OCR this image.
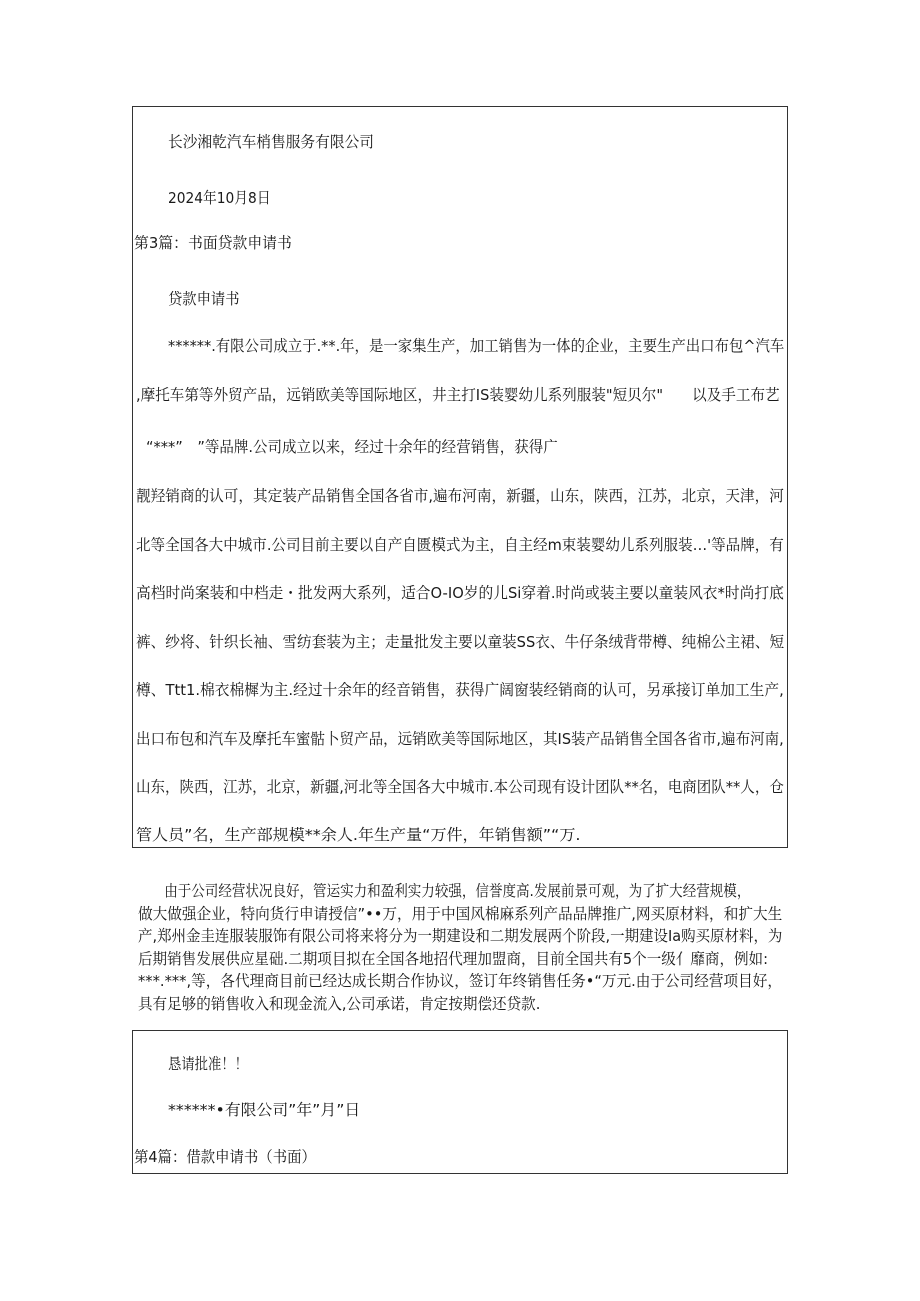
长沙湘乾汽车梢售服务有限公司
2024年10月8日
第3篇：书面贷款申请书
贷款申请书
******.有限公司成立于.**.年，是一家集生产，加工销售为一体的企业，主要生产出口布包^汽车
,摩托车第等外贸产品，远销欧美等国际地区，井主打IS装婴幼儿系列服装"短贝尔"　　以及手工布艺
“***”　”等品牌.公司成立以来，经过十余年的经营销售，获得广
靓羟销商的认可，其定装产品销售全国各省市,遍布河南，新疆，山东，陕西，江苏，北京，天津，河
北等全国各大中城市.公司目前主要以自产自匮模式为主，自主经m束装婴幼儿系列服装…'等品牌，有
高档时尚案装和中档走・批发两大系列，适合O-IO岁的儿Si穿着.时尚或装主要以童装风衣*时尚打底
裤、纱将、针织长袖、雪纺套装为主；走量批发主要以童装SS衣、牛仔条绒背带樽、纯棉公主裙、短
樽、Ttt1.棉衣棉樨为主.经过十余年的经音销售，获得广阔窗装经销商的认可，另承接订单加工生产,
出口布包和汽车及摩托车蜜骷卜贸产品，远销欧美等国际地区，其IS装产品销售全国各省市,遍布河南,
山东，陕西，江苏，北京，新疆,河北等全国各大中城市.本公司现有设计团队**名，电商团队**人，仓
管人员”名，生产部规模**余人.年生产量“万件，年销售额”“万.
由于公司经营状况良好，管运实力和盈利实力较强，信誉度高.发展前景可观，为了扩大经营规模，
做大做强企业，特向货行申请授信”••万，用于中国风棉麻系列产品品牌推广,网买原材料，和扩大生
产,郑州金圭连服装服饰有限公司将来将分为一期建设和二期发展两个阶段,一期建设Ia购买原材料，为
后期销售发展供应星础.二期项目拟在全国各地招代理加盟商，目前全国共有5个一级亻靡商，例如:
***.***,等，各代理商目前已经达成长期合作协议，签订年终销售任务•“万元.由于公司经营项目好，
具有足够的销售收入和现金流入,公司承诺，肯定按期偿还贷款.
恳请批准！！
******•有限公司”年”月”日
第4篇：借款申请书（书面）
